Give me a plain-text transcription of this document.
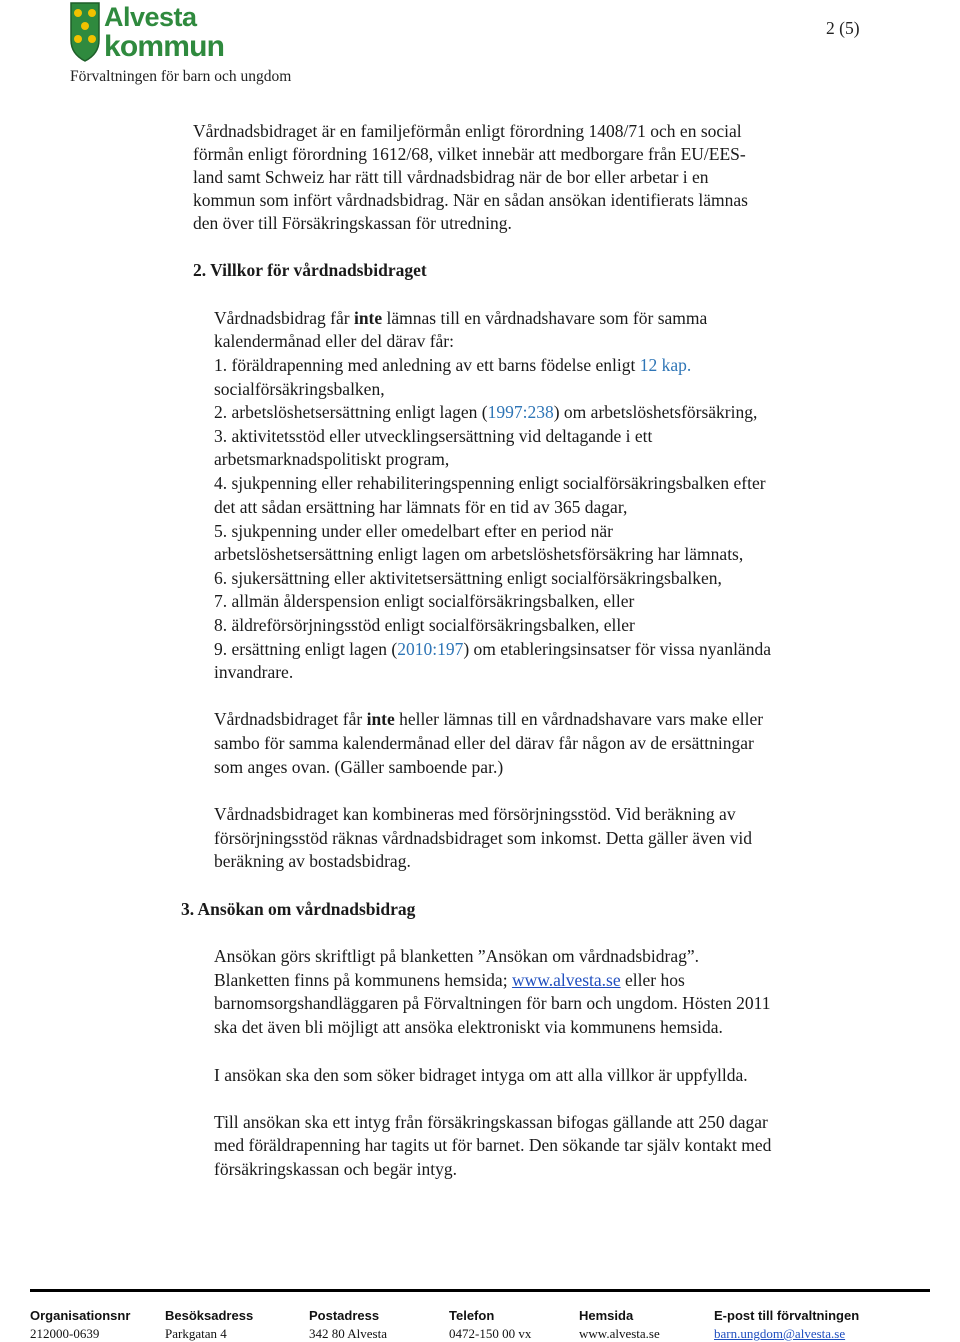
Alvesta
kommun
Förvaltningen för barn och ungdom
2 (5)
Vårdnadsbidraget är en familjeförmån enligt förordning 1408/71 och en social
förmån enligt förordning 1612/68, vilket innebär att medborgare från EU/EES-
land samt Schweiz har rätt till vårdnadsbidrag när de bor eller arbetar i en
kommun som infört vårdnadsbidrag. När en sådan ansökan identifierats lämnas
den över till Försäkringskassan för utredning.
2. Villkor för vårdnadsbidraget
Vårdnadsbidrag får inte lämnas till en vårdnadshavare som för samma
kalendermånad eller del därav får:
1. föräldrapenning med anledning av ett barns födelse enligt 12 kap.
socialförsäkringsbalken,
2. arbetslöshetsersättning enligt lagen (1997:238) om arbetslöshetsförsäkring,
3. aktivitetsstöd eller utvecklingsersättning vid deltagande i ett
arbetsmarknadspolitiskt program,
4. sjukpenning eller rehabiliteringspenning enligt socialförsäkringsbalken efter
det att sådan ersättning har lämnats för en tid av 365 dagar,
5. sjukpenning under eller omedelbart efter en period när
arbetslöshetsersättning enligt lagen om arbetslöshetsförsäkring har lämnats,
6. sjukersättning eller aktivitetsersättning enligt socialförsäkringsbalken,
7. allmän ålderspension enligt socialförsäkringsbalken, eller
8. äldreförsörjningsstöd enligt socialförsäkringsbalken, eller
9. ersättning enligt lagen (2010:197) om etableringsinsatser för vissa nyanlända
invandrare.
Vårdnadsbidraget får inte heller lämnas till en vårdnadshavare vars make eller
sambo för samma kalendermånad eller del därav får någon av de ersättningar
som anges ovan. (Gäller samboende par.)
Vårdnadsbidraget kan kombineras med försörjningsstöd. Vid beräkning av
försörjningsstöd räknas vårdnadsbidraget som inkomst. Detta gäller även vid
beräkning av bostadsbidrag.
3. Ansökan om vårdnadsbidrag
Ansökan görs skriftligt på blanketten ”Ansökan om vårdnadsbidrag”.
Blanketten finns på kommunens hemsida; www.alvesta.se eller hos
barnomsorgshandläggaren på Förvaltningen för barn och ungdom. Hösten 2011
ska det även bli möjligt att ansöka elektroniskt via kommunens hemsida.
I ansökan ska den som söker bidraget intyga om att alla villkor är uppfyllda.
Till ansökan ska ett intyg från försäkringskassan bifogas gällande att 250 dagar
med föräldrapenning har tagits ut för barnet. Den sökande tar själv kontakt med
försäkringskassan och begär intyg.
Organisationsnr
212000-0639
Besöksadress
Parkgatan 4
Postadress
342 80 Alvesta
Telefon
0472-150 00 vx
Hemsida
www.alvesta.se
E-post till förvaltningen
barn.ungdom@alvesta.se
